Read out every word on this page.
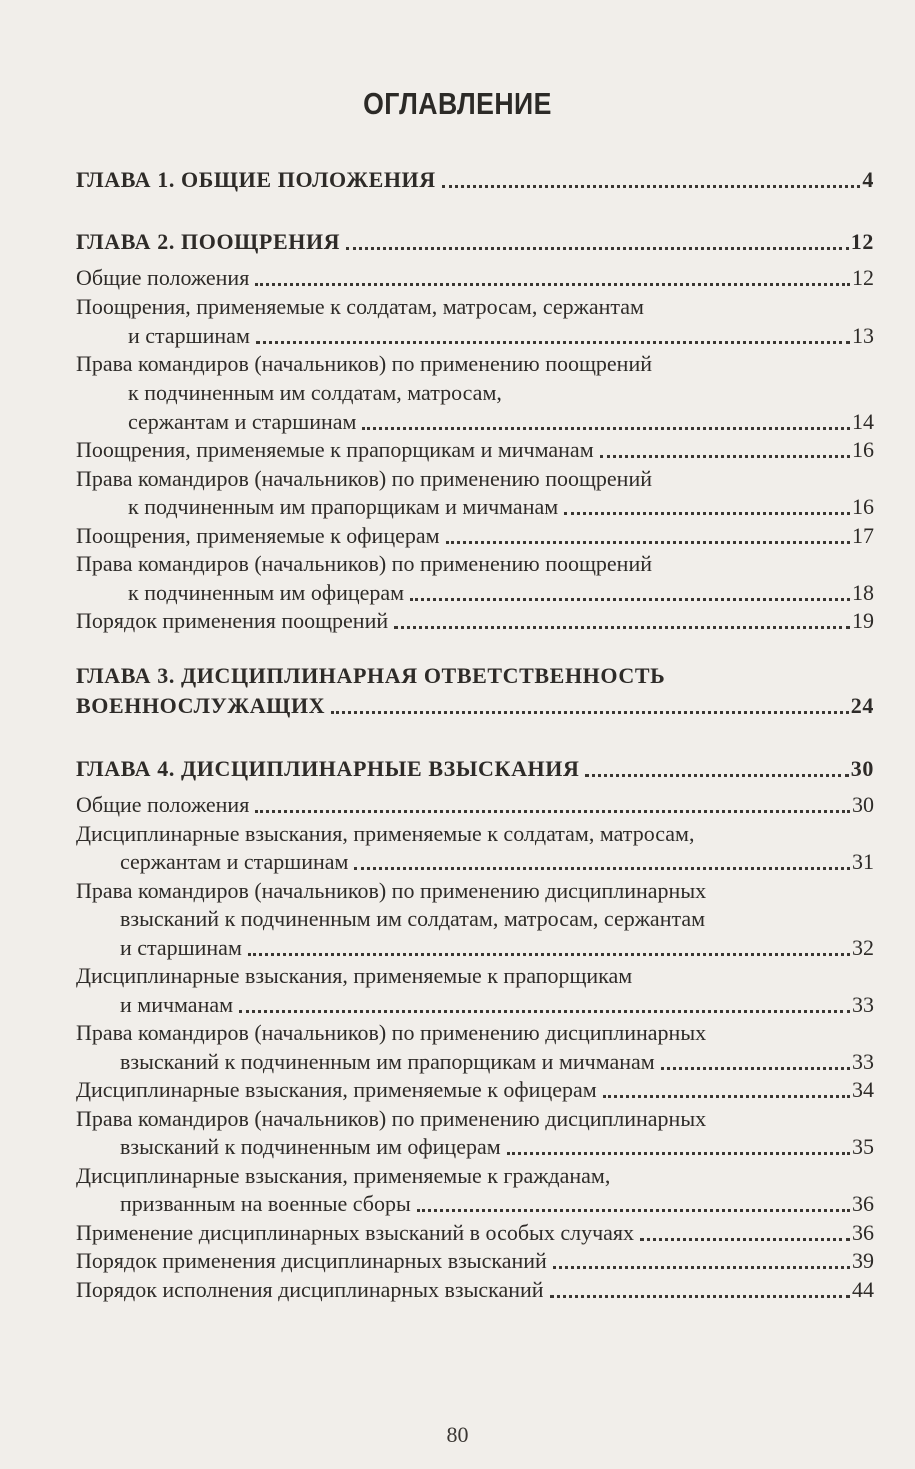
ОГЛАВЛЕНИЕ
ГЛАВА 1. ОБЩИЕ ПОЛОЖЕНИЯ	4
ГЛАВА 2. ПООЩРЕНИЯ	12
Общие положения	12
Поощрения, применяемые к солдатам, матросам, сержантам
и старшинам	13
Права командиров (начальников) по применению поощрений
к подчиненным им солдатам, матросам,
сержантам и старшинам	14
Поощрения, применяемые к прапорщикам и мичманам	16
Права командиров (начальников) по применению поощрений
к подчиненным им прапорщикам и мичманам	16
Поощрения, применяемые к офицерам	17
Права командиров (начальников) по применению поощрений
к подчиненным им офицерам	18
Порядок применения поощрений	19
ГЛАВА 3. ДИСЦИПЛИНАРНАЯ ОТВЕТСТВЕННОСТЬ
ВОЕННОСЛУЖАЩИХ	24
ГЛАВА 4. ДИСЦИПЛИНАРНЫЕ ВЗЫСКАНИЯ	30
Общие положения	30
Дисциплинарные взыскания, применяемые к солдатам, матросам,
сержантам и старшинам	31
Права командиров (начальников) по применению дисциплинарных
взысканий к подчиненным им солдатам, матросам, сержантам
и старшинам	32
Дисциплинарные взыскания, применяемые к прапорщикам
и мичманам	33
Права командиров (начальников) по применению дисциплинарных
взысканий к подчиненным им прапорщикам и мичманам	33
Дисциплинарные взыскания, применяемые к офицерам	34
Права командиров (начальников) по применению дисциплинарных
взысканий к подчиненным им офицерам	35
Дисциплинарные взыскания, применяемые к гражданам,
призванным на военные сборы	36
Применение дисциплинарных взысканий в особых случаях	36
Порядок применения дисциплинарных взысканий	39
Порядок исполнения дисциплинарных взысканий	44
80
